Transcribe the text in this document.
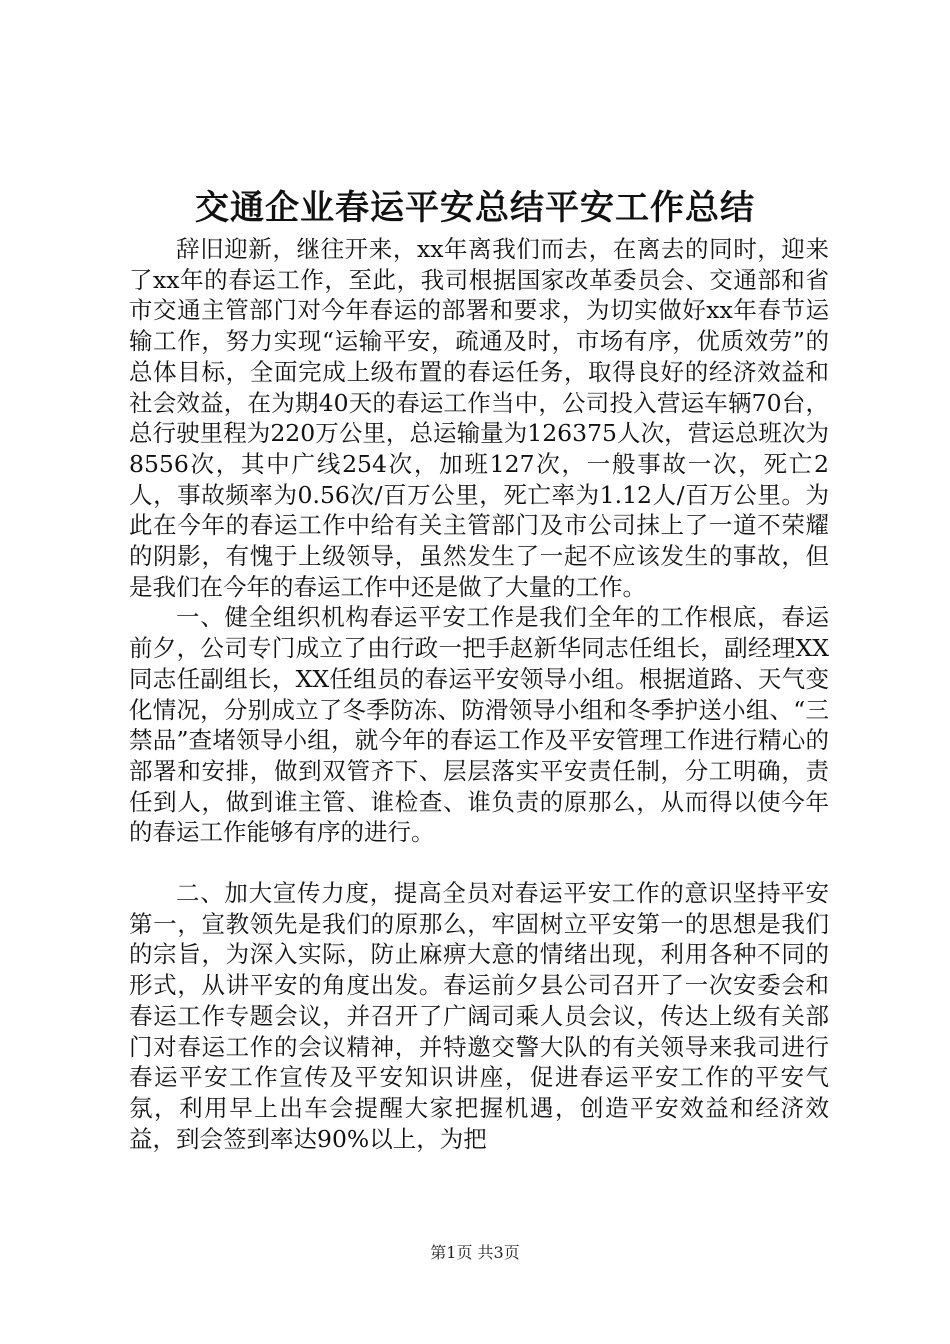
交通企业春运平安总结平安工作总结

辞旧迎新，继往开来，xx年离我们而去，在离去的同时，迎来了xx年的春运工作，至此，我司根据国家改革委员会、交通部和省市交通主管部门对今年春运的部署和要求，为切实做好xx年春节运输工作，努力实现“运输平安，疏通及时，市场有序，优质效劳”的总体目标，全面完成上级布置的春运任务，取得良好的经济效益和社会效益，在为期40天的春运工作当中，公司投入营运车辆70台，总行驶里程为220万公里，总运输量为126375人次，营运总班次为8556次，其中广线254次，加班127次，一般事故一次，死亡2人，事故频率为0.56次/百万公里，死亡率为1.12人/百万公里。为此在今年的春运工作中给有关主管部门及市公司抹上了一道不荣耀的阴影，有愧于上级领导，虽然发生了一起不应该发生的事故，但是我们在今年的春运工作中还是做了大量的工作。

一、健全组织机构春运平安工作是我们全年的工作根底，春运前夕，公司专门成立了由行政一把手赵新华同志任组长，副经理XX同志任副组长，XX任组员的春运平安领导小组。根据道路、天气变化情况，分别成立了冬季防冻、防滑领导小组和冬季护送小组、“三禁品”查堵领导小组，就今年的春运工作及平安管理工作进行精心的部署和安排，做到双管齐下、层层落实平安责任制，分工明确，责任到人，做到谁主管、谁检查、谁负责的原那么，从而得以使今年的春运工作能够有序的进行。

二、加大宣传力度，提高全员对春运平安工作的意识坚持平安第一，宣教领先是我们的原那么，牢固树立平安第一的思想是我们的宗旨，为深入实际，防止麻痹大意的情绪出现，利用各种不同的形式，从讲平安的角度出发。春运前夕县公司召开了一次安委会和春运工作专题会议，并召开了广阔司乘人员会议，传达上级有关部门对春运工作的会议精神，并特邀交警大队的有关领导来我司进行春运平安工作宣传及平安知识讲座，促进春运平安工作的平安气氛，利用早上出车会提醒大家把握机遇，创造平安效益和经济效益，到会签到率达90%以上，为把

第1页 共3页
